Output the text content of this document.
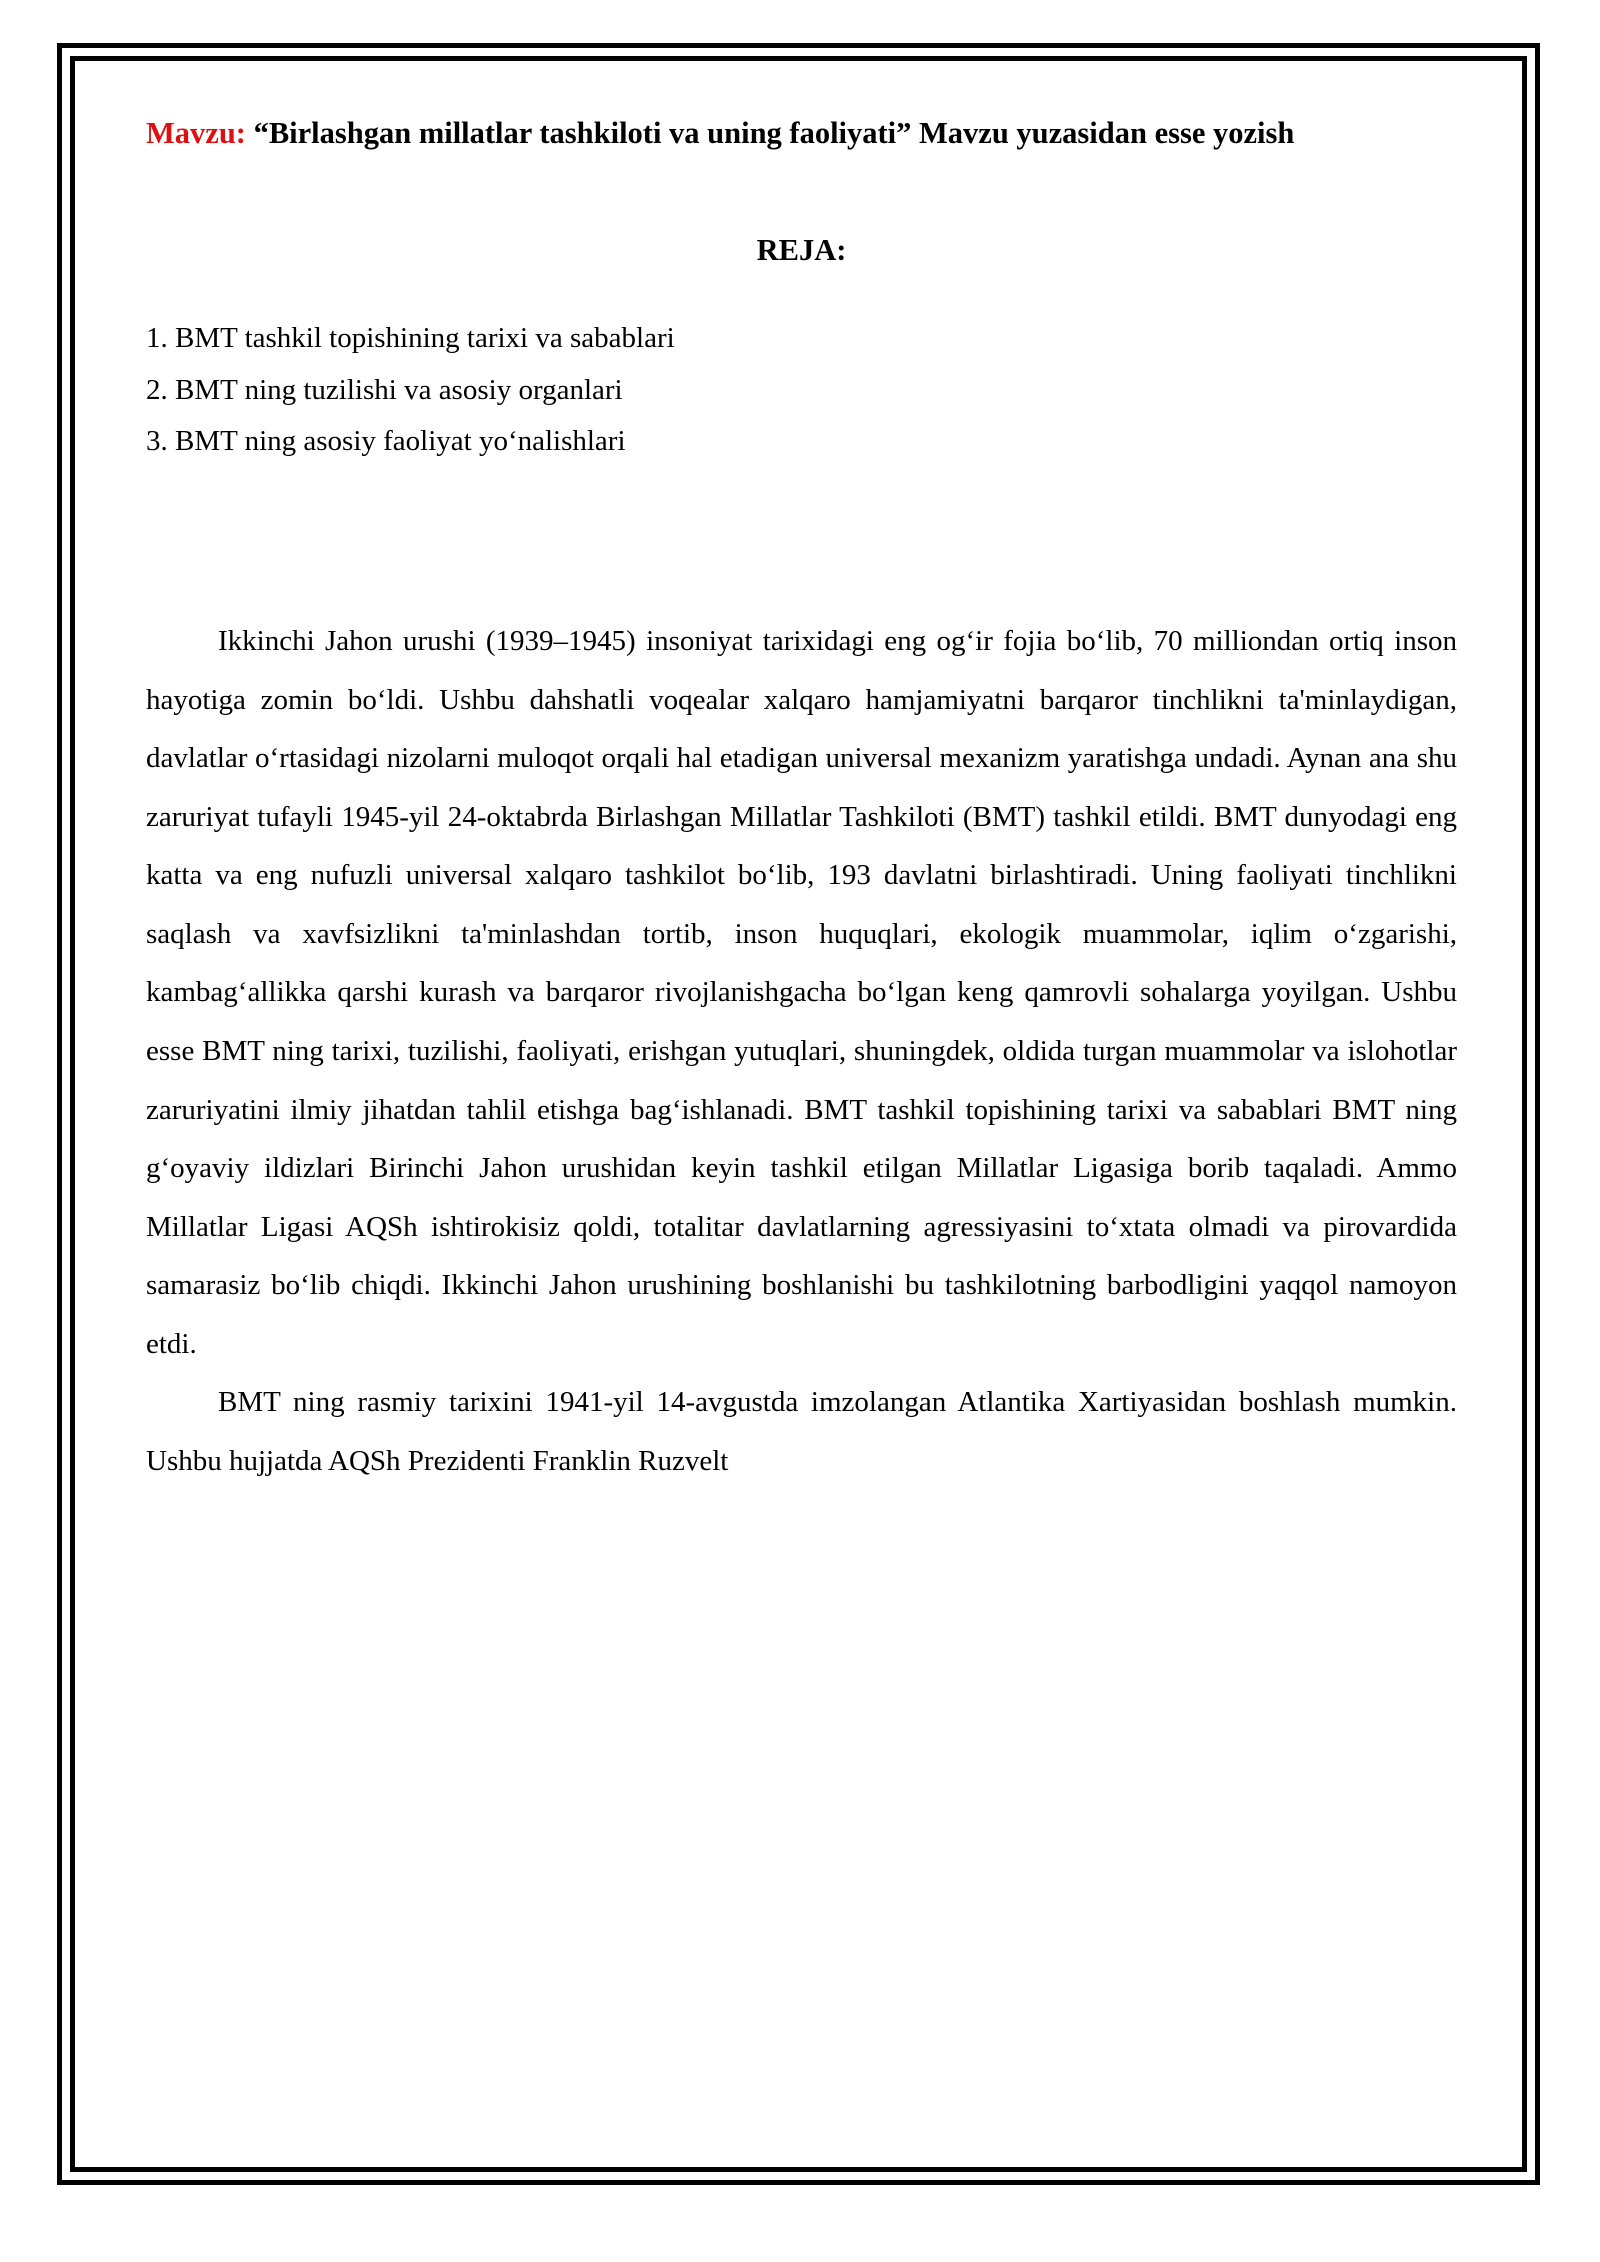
Mavzu: “Birlashgan millatlar tashkiloti va uning faoliyati” Mavzu yuzasidan esse yozish

REJA:

1. BMT tashkil topishining tarixi va sabablari
2. BMT ning tuzilishi va asosiy organlari
3. BMT ning asosiy faoliyat yo‘nalishlari

Ikkinchi Jahon urushi (1939–1945) insoniyat tarixidagi eng og‘ir fojia bo‘lib, 70 milliondan ortiq inson hayotiga zomin bo‘ldi. Ushbu dahshatli voqealar xalqaro hamjamiyatni barqaror tinchlikni ta'minlaydigan, davlatlar o‘rtasidagi nizolarni muloqot orqali hal etadigan universal mexanizm yaratishga undadi. Aynan ana shu zaruriyat tufayli 1945-yil 24-oktabrda Birlashgan Millatlar Tashkiloti (BMT) tashkil etildi. BMT dunyodagi eng katta va eng nufuzli universal xalqaro tashkilot bo‘lib, 193 davlatni birlashtiradi. Uning faoliyati tinchlikni saqlash va xavfsizlikni ta'minlashdan tortib, inson huquqlari, ekologik muammolar, iqlim o‘zgarishi, kambag‘allikka qarshi kurash va barqaror rivojlanishgacha bo‘lgan keng qamrovli sohalarga yoyilgan. Ushbu esse BMT ning tarixi, tuzilishi, faoliyati, erishgan yutuqlari, shuningdek, oldida turgan muammolar va islohotlar zaruriyatini ilmiy jihatdan tahlil etishga bag‘ishlanadi. BMT tashkil topishining tarixi va sabablari BMT ning g‘oyaviy ildizlari Birinchi Jahon urushidan keyin tashkil etilgan Millatlar Ligasiga borib taqaladi. Ammo Millatlar Ligasi AQSh ishtirokisiz qoldi, totalitar davlatlarning agressiyasini to‘xtata olmadi va pirovardida samarasiz bo‘lib chiqdi. Ikkinchi Jahon urushining boshlanishi bu tashkilotning barbodligini yaqqol namoyon etdi.

BMT ning rasmiy tarixini 1941-yil 14-avgustda imzolangan Atlantika Xartiyasidan boshlash mumkin. Ushbu hujjatda AQSh Prezidenti Franklin Ruzvelt
